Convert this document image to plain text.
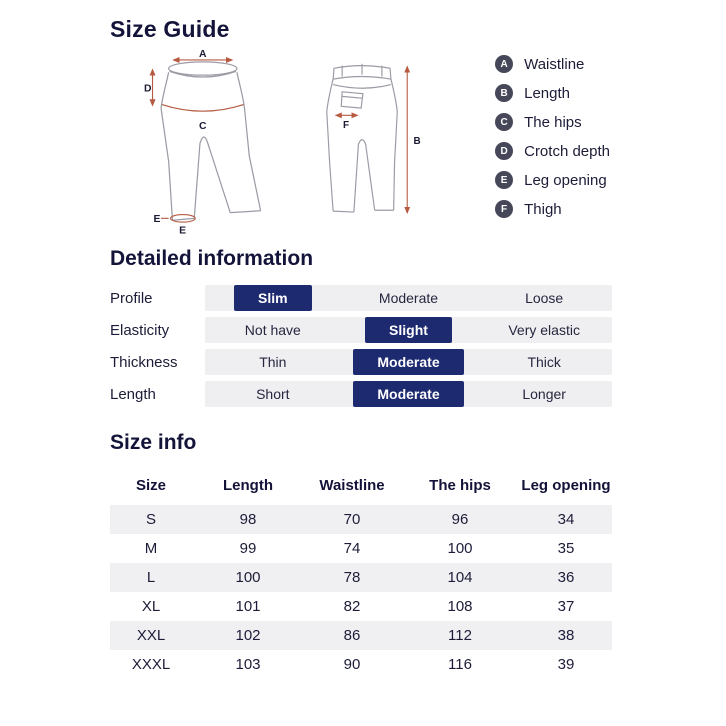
Size Guide
A
D
C
E
E
F
B
A	Waistline
B	Length
C	The hips
D	Crotch depth
E	Leg opening
F	Thigh
Detailed information
Profile	Slim	Moderate	Loose
Elasticity	Not have	Slight	Very elastic
Thickness	Thin	Moderate	Thick
Length	Short	Moderate	Longer
Size info
Size	Length	Waistline	The hips	Leg opening
S	98	70	96	34
M	99	74	100	35
L	100	78	104	36
XL	101	82	108	37
XXL	102	86	112	38
XXXL	103	90	116	39
